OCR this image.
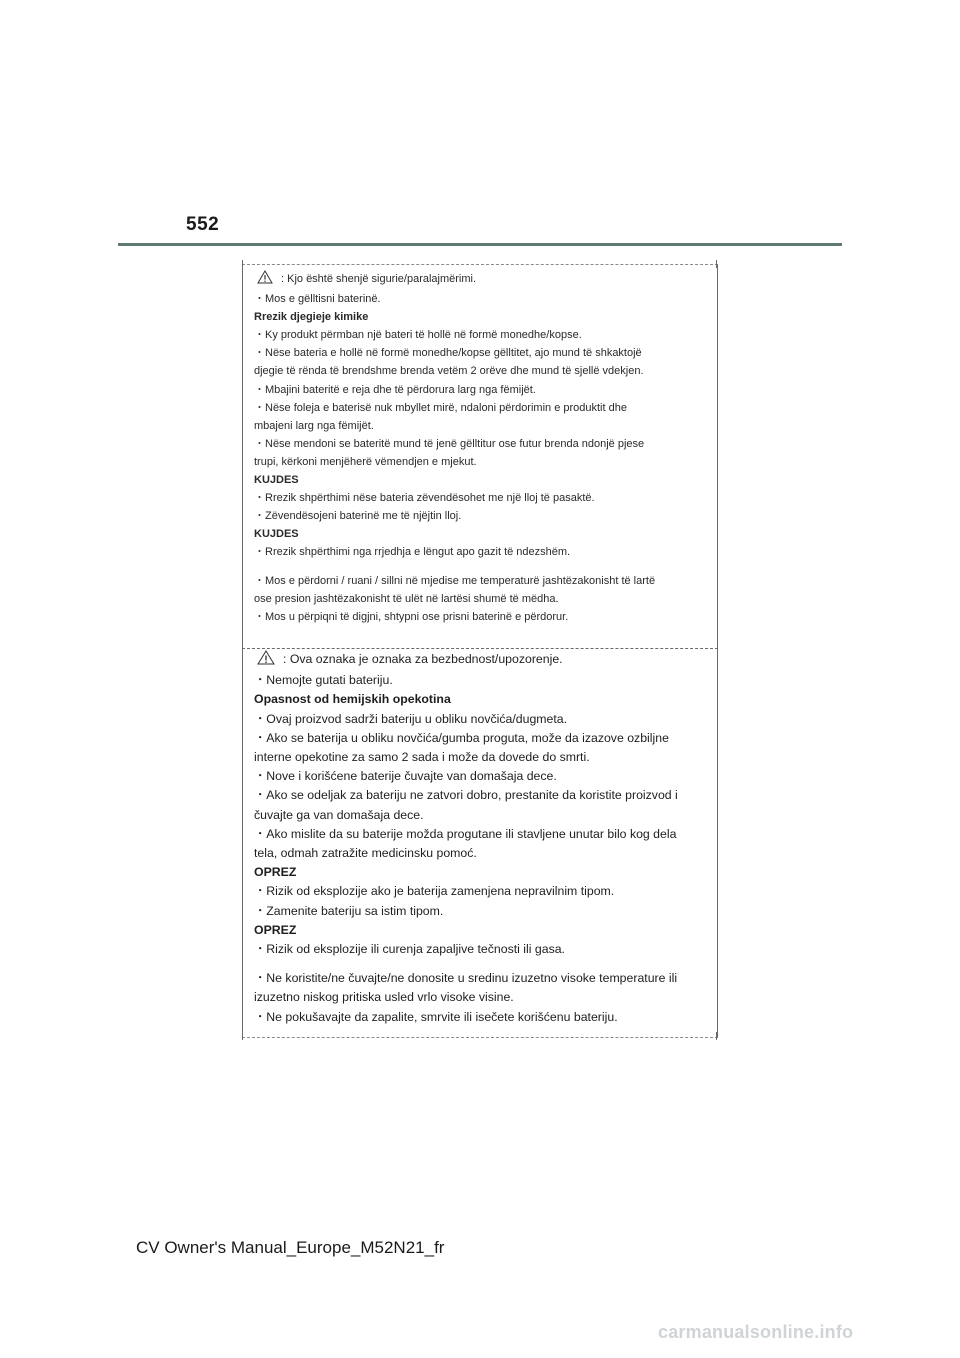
552
: Kjo është shenjë sigurie/paralajmërimi.
・Mos e gëlltisni baterinë.
Rrezik djegieje kimike
・Ky produkt përmban një bateri të hollë në formë monedhe/kopse.
・Nëse bateria e hollë në formë monedhe/kopse gëlltitet, ajo mund të shkaktojë
djegie të rënda të brendshme brenda vetëm 2 orëve dhe mund të sjellë vdekjen.
・Mbajini bateritë e reja dhe të përdorura larg nga fëmijët.
・Nëse foleja e baterisë nuk mbyllet mirë, ndaloni përdorimin e produktit dhe
mbajeni larg nga fëmijët.
・Nëse mendoni se bateritë mund të jenë gëlltitur ose futur brenda ndonjë pjese
trupi, kërkoni menjëherë vëmendjen e mjekut.
KUJDES
・Rrezik shpërthimi nëse bateria zëvendësohet me një lloj të pasaktë.
・Zëvendësojeni baterinë me të njëjtin lloj.
KUJDES
・Rrezik shpërthimi nga rrjedhja e lëngut apo gazit të ndezshëm.
・Mos e përdorni / ruani / sillni në mjedise me temperaturë jashtëzakonisht të lartë
ose presion jashtëzakonisht të ulët në lartësi shumë të mëdha.
・Mos u përpiqni të digjni, shtypni ose prisni baterinë e përdorur.
: Ova oznaka je oznaka za bezbednost/upozorenje.
・Nemojte gutati bateriju.
Opasnost od hemijskih opekotina
・Ovaj proizvod sadrži bateriju u obliku novčića/dugmeta.
・Ako se baterija u obliku novčića/gumba proguta, može da izazove ozbiljne
interne opekotine za samo 2 sada i može da dovede do smrti.
・Nove i korišćene baterije čuvajte van domašaja dece.
・Ako se odeljak za bateriju ne zatvori dobro, prestanite da koristite proizvod i
čuvajte ga van domašaja dece.
・Ako mislite da su baterije možda progutane ili stavljene unutar bilo kog dela
tela, odmah zatražite medicinsku pomoć.
OPREZ
・Rizik od eksplozije ako je baterija zamenjena nepravilnim tipom.
・Zamenite bateriju sa istim tipom.
OPREZ
・Rizik od eksplozije ili curenja zapaljive tečnosti ili gasa.
・Ne koristite/ne čuvajte/ne donosite u sredinu izuzetno visoke temperature ili
izuzetno niskog pritiska usled vrlo visoke visine.
・Ne pokušavajte da zapalite, smrvite ili isečete korišćenu bateriju.
CV Owner's Manual_Europe_M52N21_fr
carmanualsonline.info
